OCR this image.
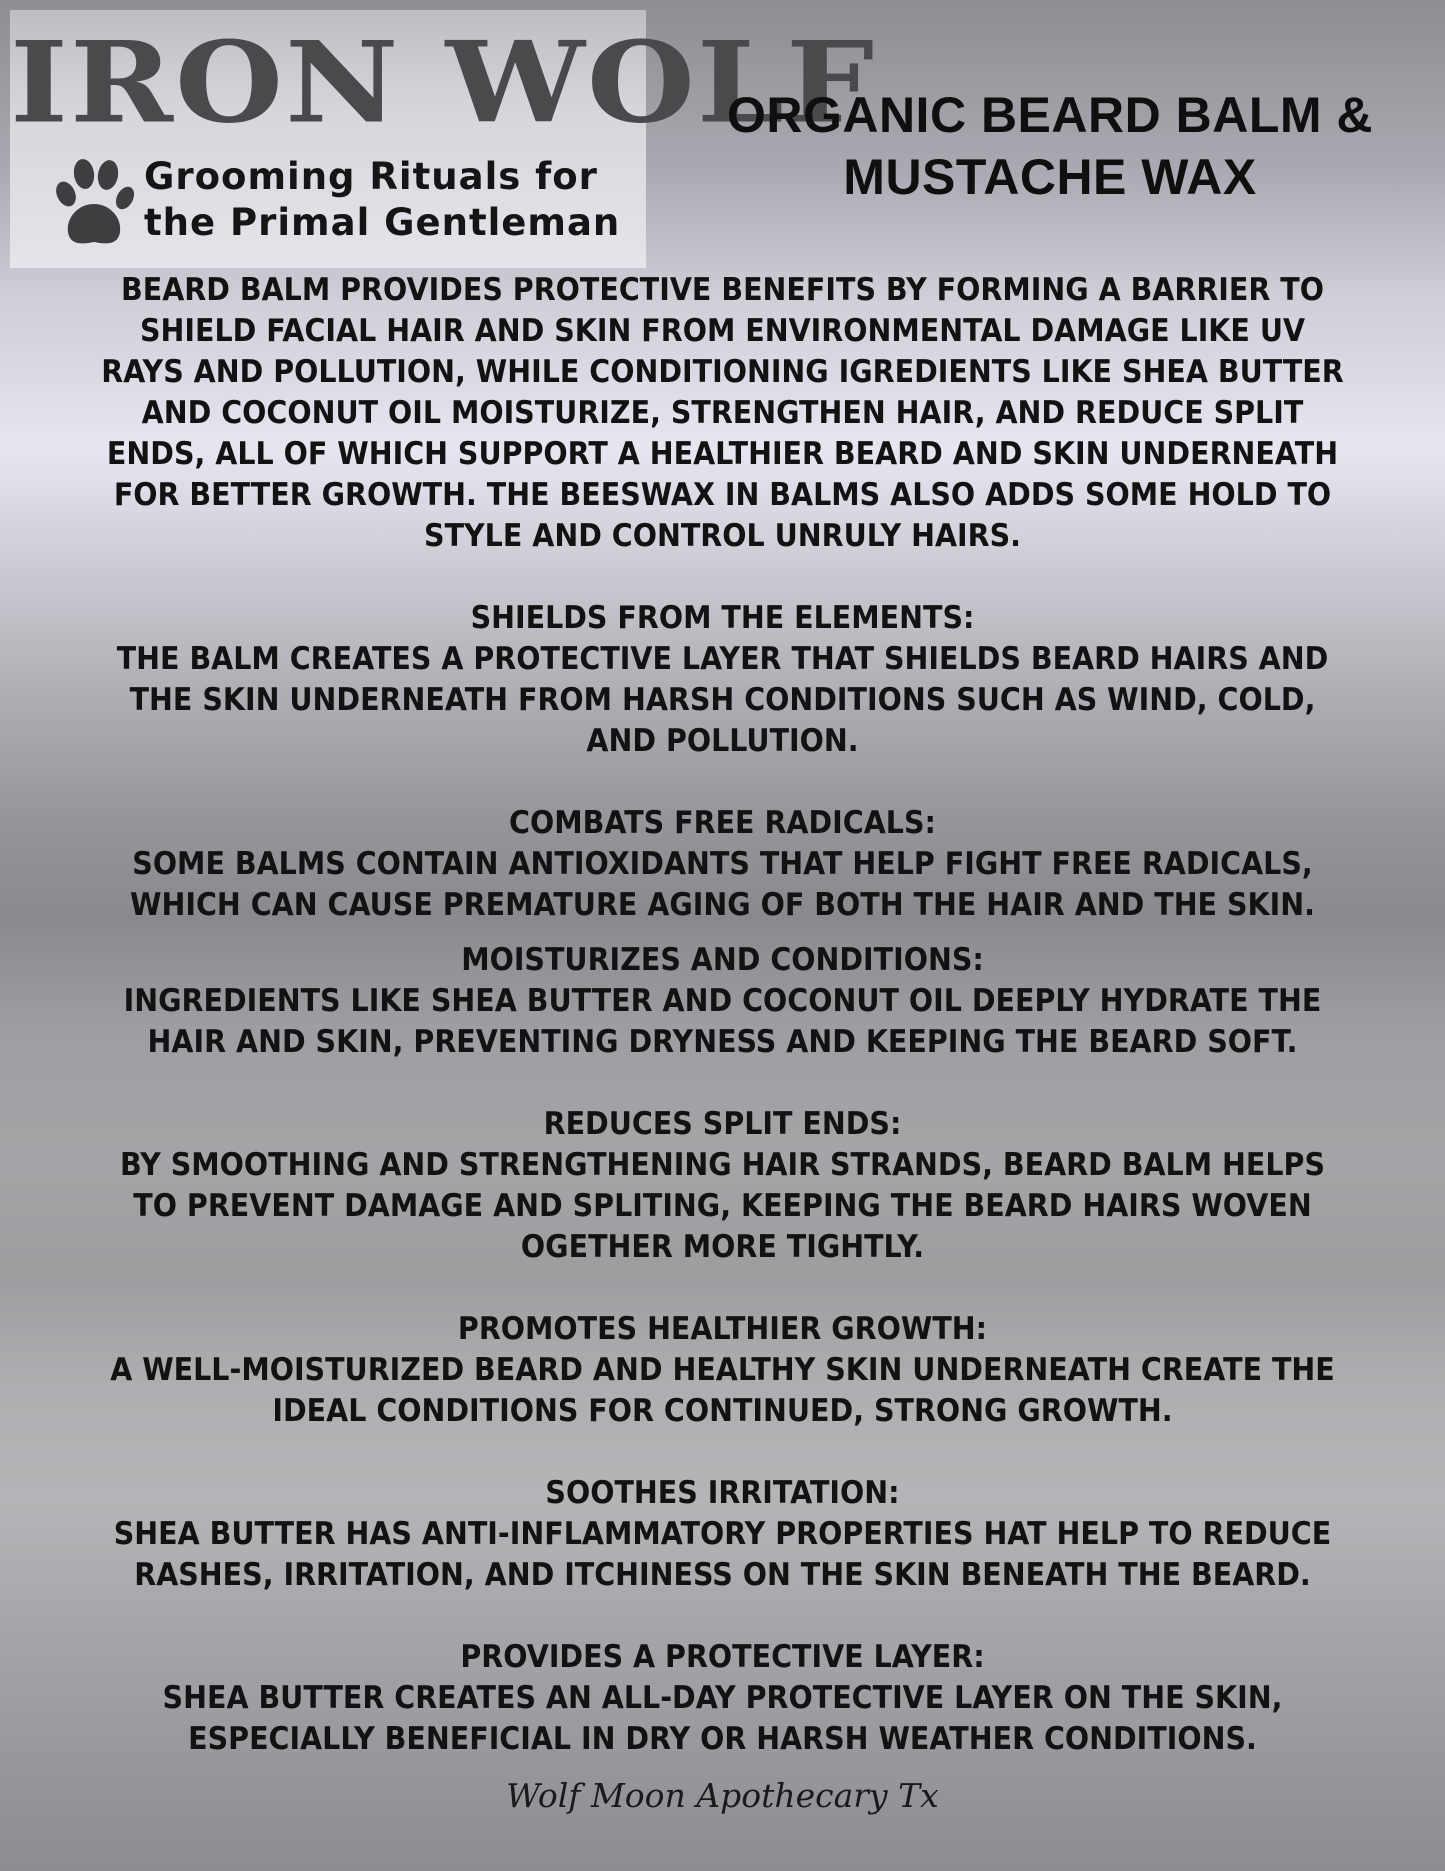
IRON WOLF
Grooming Rituals for
the Primal Gentleman
ORGANIC BEARD BALM &
MUSTACHE WAX

BEARD BALM PROVIDES PROTECTIVE BENEFITS BY FORMING A BARRIER TO SHIELD FACIAL HAIR AND SKIN FROM ENVIRONMENTAL DAMAGE LIKE UV RAYS AND POLLUTION, WHILE CONDITIONING IGREDIENTS LIKE SHEA BUTTER AND COCONUT OIL MOISTURIZE, STRENGTHEN HAIR, AND REDUCE SPLIT ENDS, ALL OF WHICH SUPPORT A HEALTHIER BEARD AND SKIN UNDERNEATH FOR BETTER GROWTH. THE BEESWAX IN BALMS ALSO ADDS SOME HOLD TO STYLE AND CONTROL UNRULY HAIRS.

SHIELDS FROM THE ELEMENTS:
THE BALM CREATES A PROTECTIVE LAYER THAT SHIELDS BEARD HAIRS AND THE SKIN UNDERNEATH FROM HARSH CONDITIONS SUCH AS WIND, COLD, AND POLLUTION.
COMBATS FREE RADICALS:
SOME BALMS CONTAIN ANTIOXIDANTS THAT HELP FIGHT FREE RADICALS, WHICH CAN CAUSE PREMATURE AGING OF BOTH THE HAIR AND THE SKIN.
MOISTURIZES AND CONDITIONS:
INGREDIENTS LIKE SHEA BUTTER AND COCONUT OIL DEEPLY HYDRATE THE HAIR AND SKIN, PREVENTING DRYNESS AND KEEPING THE BEARD SOFT.
REDUCES SPLIT ENDS:
BY SMOOTHING AND STRENGTHENING HAIR STRANDS, BEARD BALM HELPS TO PREVENT DAMAGE AND SPLITING, KEEPING THE BEARD HAIRS WOVEN OGETHER MORE TIGHTLY.
PROMOTES HEALTHIER GROWTH:
A WELL-MOISTURIZED BEARD AND HEALTHY SKIN UNDERNEATH CREATE THE IDEAL CONDITIONS FOR CONTINUED, STRONG GROWTH.
SOOTHES IRRITATION:
SHEA BUTTER HAS ANTI-INFLAMMATORY PROPERTIES HAT HELP TO REDUCE RASHES, IRRITATION, AND ITCHINESS ON THE SKIN BENEATH THE BEARD.
PROVIDES A PROTECTIVE LAYER:
SHEA BUTTER CREATES AN ALL-DAY PROTECTIVE LAYER ON THE SKIN, ESPECIALLY BENEFICIAL IN DRY OR HARSH WEATHER CONDITIONS.
Wolf Moon Apothecary Tx
